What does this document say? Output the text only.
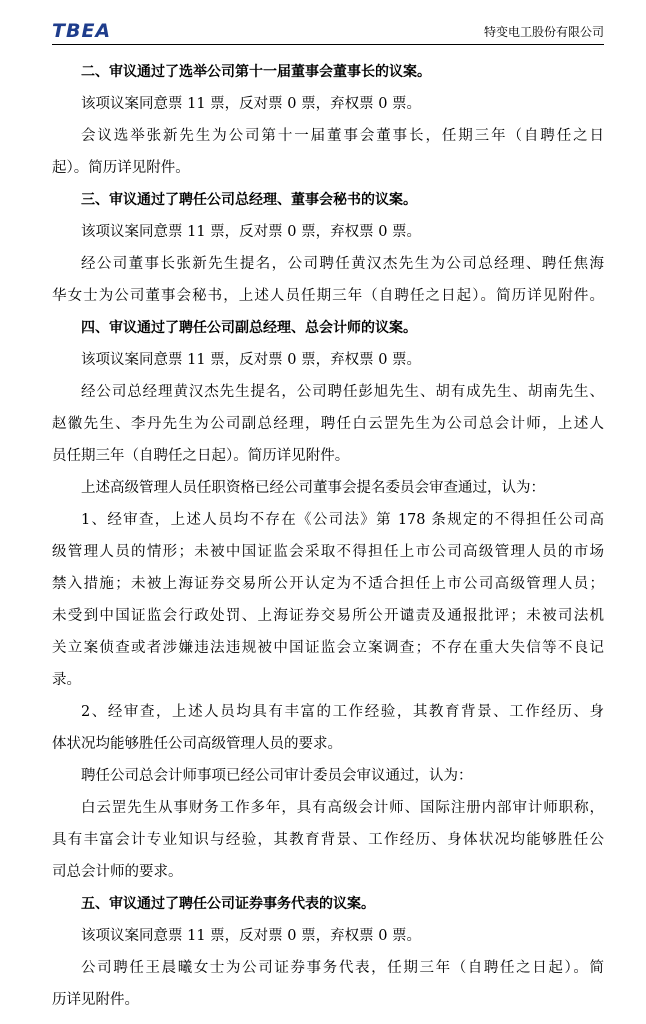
TBEA	特变电工股份有限公司
二、审议通过了选举公司第十一届董事会董事长的议案。
该项议案同意票 11 票，反对票 0 票，弃权票 0 票。
会议选举张新先生为公司第十一届董事会董事长，任期三年（自聘任之日
起）。简历详见附件。
三、审议通过了聘任公司总经理、董事会秘书的议案。
该项议案同意票 11 票，反对票 0 票，弃权票 0 票。
经公司董事长张新先生提名，公司聘任黄汉杰先生为公司总经理、聘任焦海
华女士为公司董事会秘书，上述人员任期三年（自聘任之日起）。简历详见附件。
四、审议通过了聘任公司副总经理、总会计师的议案。
该项议案同意票 11 票，反对票 0 票，弃权票 0 票。
经公司总经理黄汉杰先生提名，公司聘任彭旭先生、胡有成先生、胡南先生、
赵徽先生、李丹先生为公司副总经理，聘任白云罡先生为公司总会计师，上述人
员任期三年（自聘任之日起）。简历详见附件。
上述高级管理人员任职资格已经公司董事会提名委员会审查通过，认为：
1、经审查，上述人员均不存在《公司法》第 178 条规定的不得担任公司高
级管理人员的情形；未被中国证监会采取不得担任上市公司高级管理人员的市场
禁入措施；未被上海证券交易所公开认定为不适合担任上市公司高级管理人员；
未受到中国证监会行政处罚、上海证券交易所公开谴责及通报批评；未被司法机
关立案侦查或者涉嫌违法违规被中国证监会立案调查；不存在重大失信等不良记
录。
2、经审查，上述人员均具有丰富的工作经验，其教育背景、工作经历、身
体状况均能够胜任公司高级管理人员的要求。
聘任公司总会计师事项已经公司审计委员会审议通过，认为：
白云罡先生从事财务工作多年，具有高级会计师、国际注册内部审计师职称，
具有丰富会计专业知识与经验，其教育背景、工作经历、身体状况均能够胜任公
司总会计师的要求。
五、审议通过了聘任公司证券事务代表的议案。
该项议案同意票 11 票，反对票 0 票，弃权票 0 票。
公司聘任王晨曦女士为公司证券事务代表，任期三年（自聘任之日起）。简
历详见附件。
